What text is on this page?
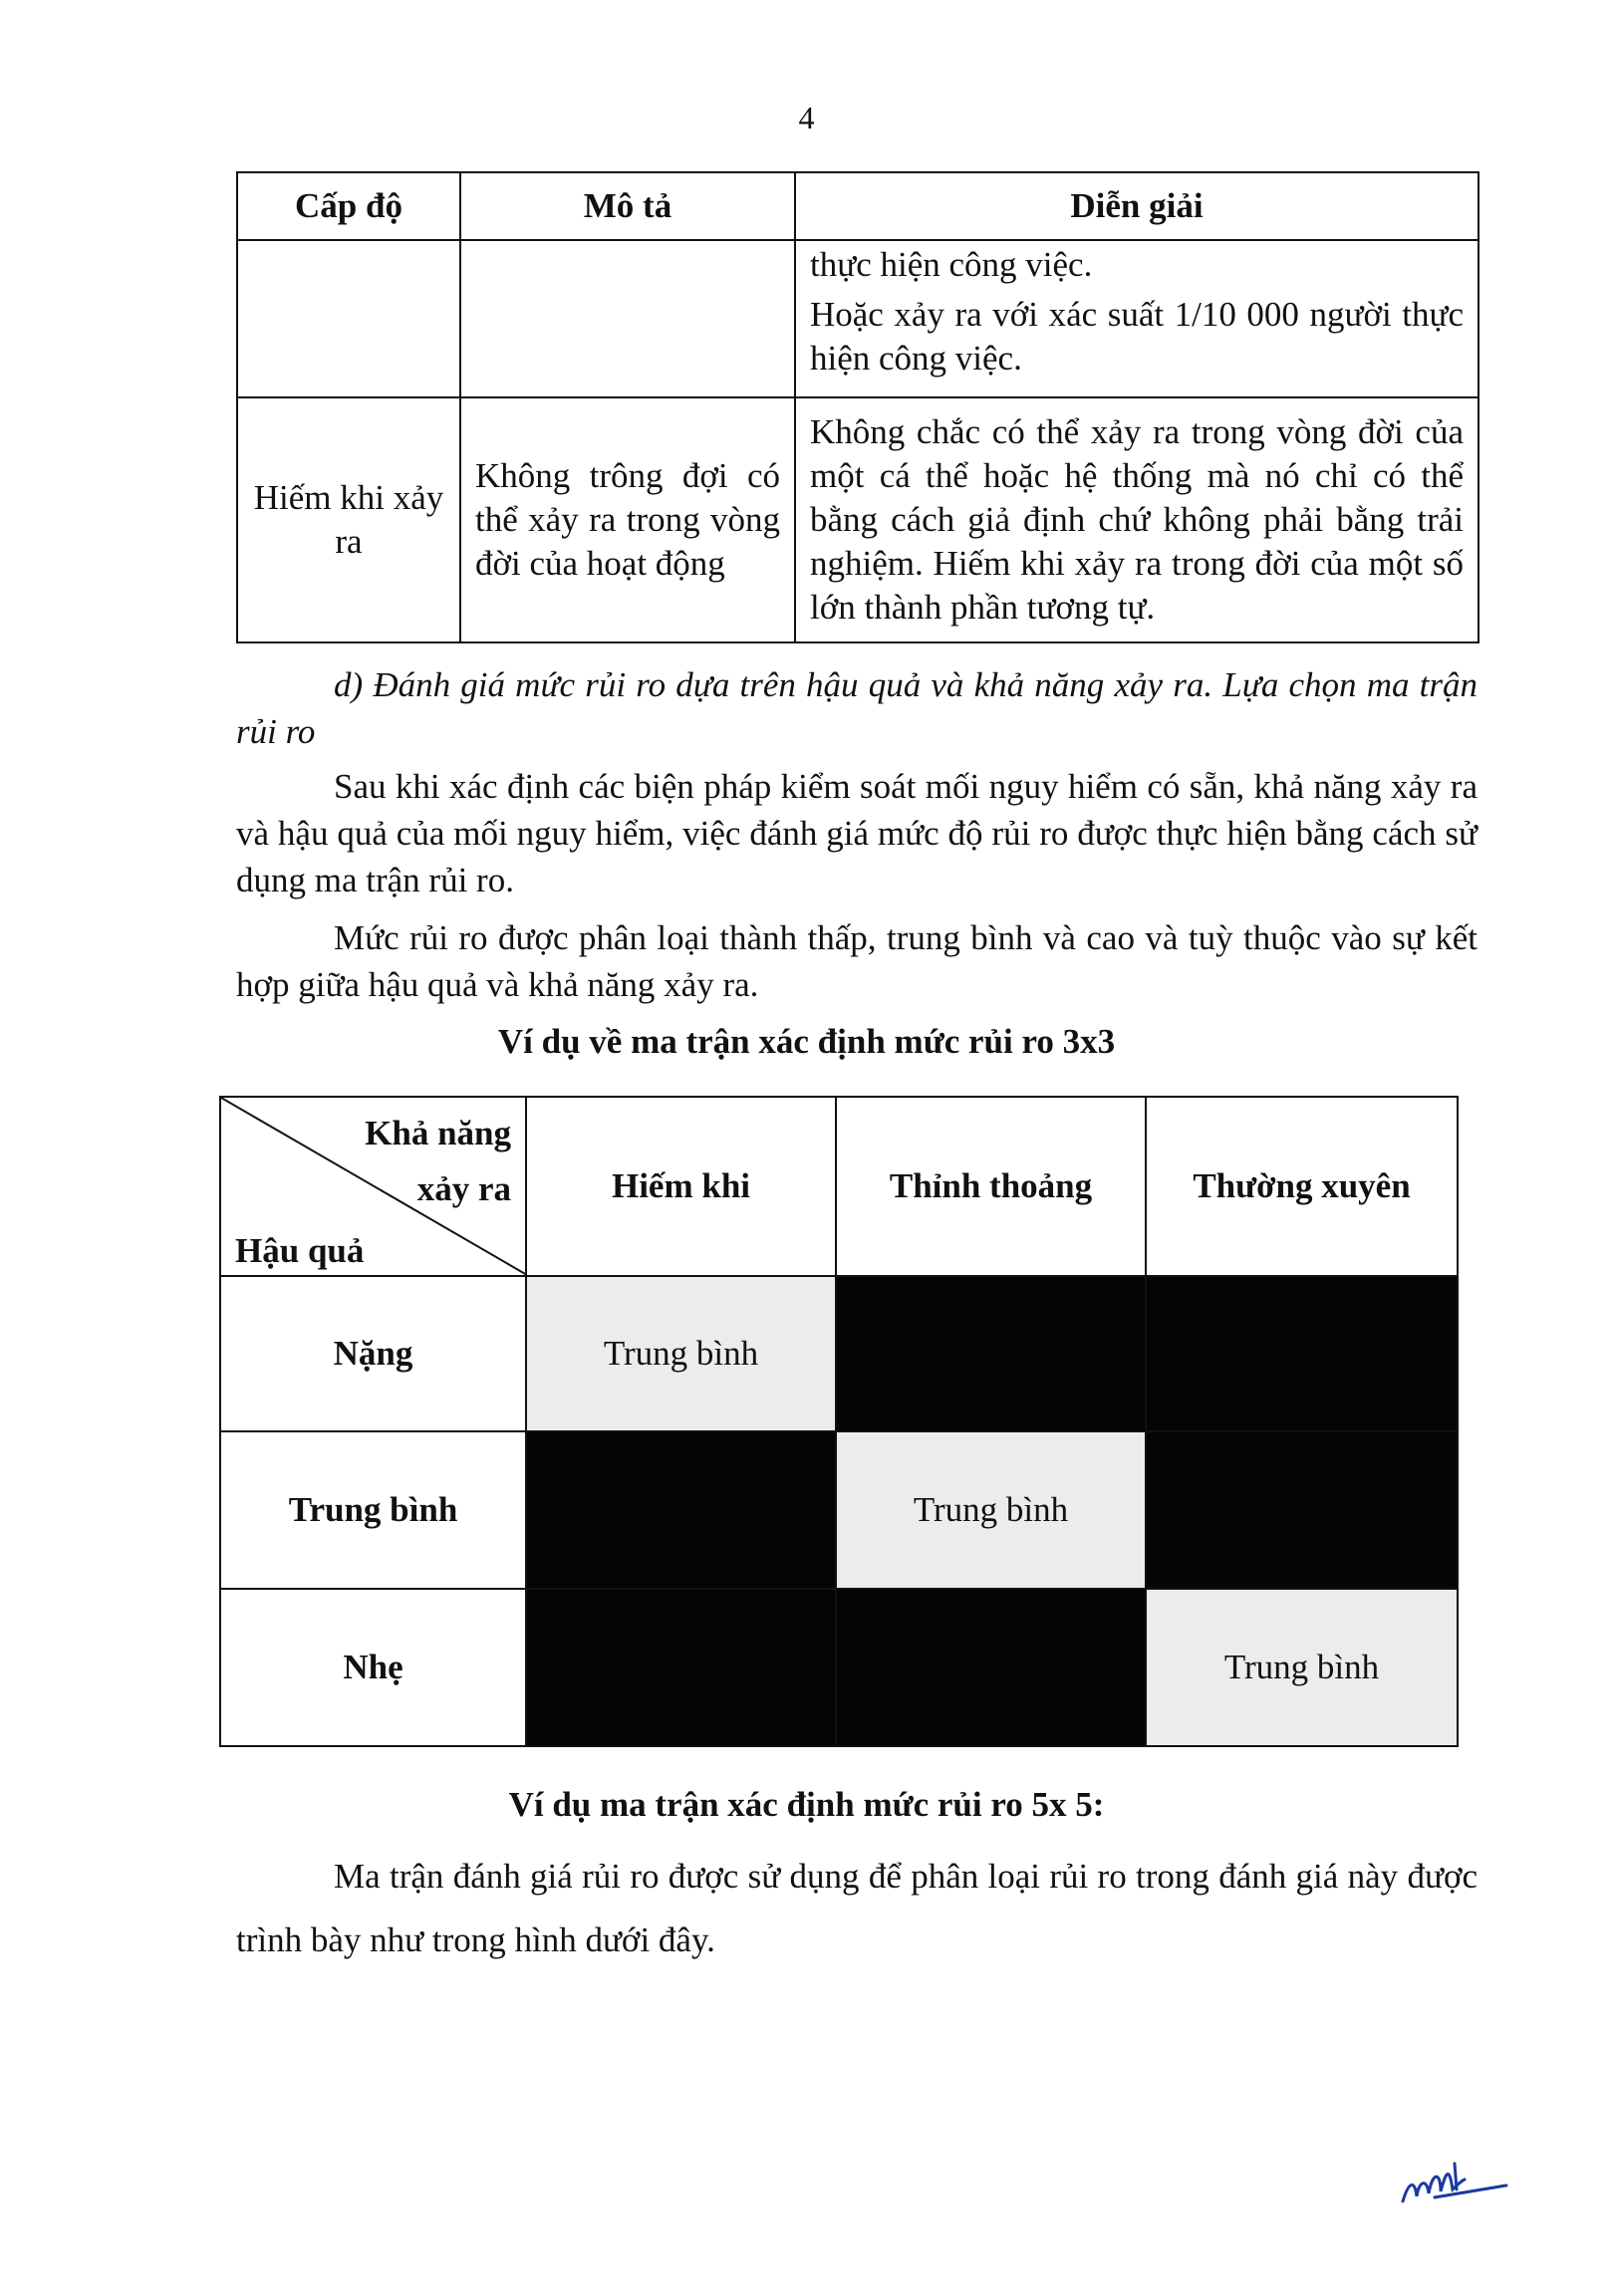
4
Cấp độ	Mô tả	Diễn giải

		thực hiện công việc.
Hoặc xảy ra với xác suất 1/10 000 người thực hiện công việc.

Hiếm khi xảy ra	Không trông đợi có thể xảy ra trong vòng đời của hoạt động	Không chắc có thể xảy ra trong vòng đời của một cá thể hoặc hệ thống mà nó chỉ có thể bằng cách giả định chứ không phải bằng trải nghiệm. Hiếm khi xảy ra trong đời của một số lớn thành phần tương tự.
d) Đánh giá mức rủi ro dựa trên hậu quả và khả năng xảy ra. Lựa chọn ma trận rủi ro
Sau khi xác định các biện pháp kiểm soát mối nguy hiểm có sẵn, khả năng xảy ra và hậu quả của mối nguy hiểm, việc đánh giá mức độ rủi ro được thực hiện bằng cách sử dụng ma trận rủi ro.
Mức rủi ro được phân loại thành thấp, trung bình và cao và tuỳ thuộc vào sự kết hợp giữa hậu quả và khả năng xảy ra.
Ví dụ về ma trận xác định mức rủi ro 3x3
Khả năng
xảy ra
Hậu quả	Hiếm khi	Thỉnh thoảng	Thường xuyên
Nặng	Trung bình		
Trung bình		Trung bình	
Nhẹ			Trung bình
Ví dụ ma trận xác định mức rủi ro 5x 5:
Ma trận đánh giá rủi ro được sử dụng để phân loại rủi ro trong đánh giá này được trình bày như trong hình dưới đây.
